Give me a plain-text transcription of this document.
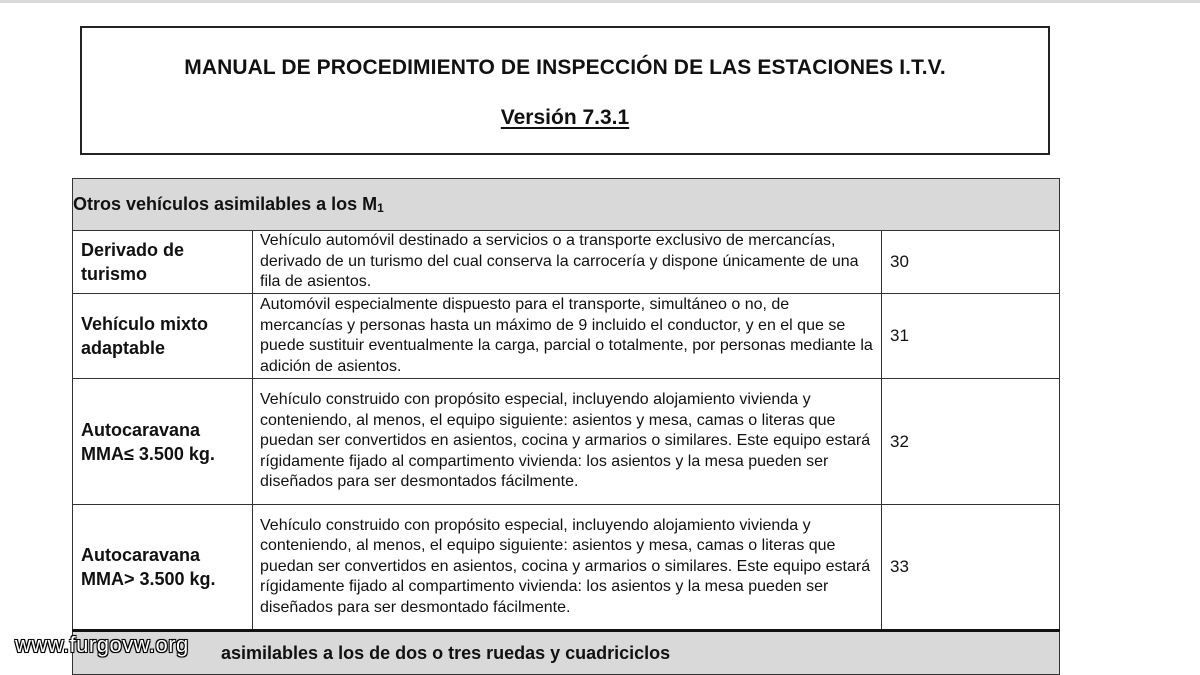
MANUAL DE PROCEDIMIENTO DE INSPECCIÓN DE LAS ESTACIONES I.T.V.
Versión 7.3.1
Otros vehículos asimilables a los M1		
Derivado de turismo	Vehículo automóvil destinado a servicios o a transporte exclusivo de mercancías, derivado de un turismo del cual conserva la carrocería y dispone únicamente de una fila de asientos.	30
Vehículo mixto adaptable	Automóvil especialmente dispuesto para el transporte, simultáneo o no, de mercancías y personas hasta un máximo de 9 incluido el conductor, y en el que se puede sustituir eventualmente la carga, parcial o totalmente, por personas mediante la adición de asientos.	31
Autocaravana MMA≤ 3.500 kg.	Vehículo construido con propósito especial, incluyendo alojamiento vivienda y conteniendo, al menos, el equipo siguiente: asientos y mesa, camas o literas que puedan ser convertidos en asientos, cocina y armarios o similares. Este equipo estará rígidamente fijado al compartimento vivienda: los asientos y la mesa pueden ser diseñados para ser desmontados fácilmente.	32
Autocaravana MMA> 3.500 kg.	Vehículo construido con propósito especial, incluyendo alojamiento vivienda y conteniendo, al menos, el equipo siguiente: asientos y mesa, camas o literas que puedan ser convertidos en asientos, cocina y armarios o similares. Este equipo estará rígidamente fijado al compartimento vivienda: los asientos y la mesa pueden ser diseñados para ser desmontado fácilmente.	33
asimilables a los de dos o tres ruedas y cuadriciclos		
www.furgovw.org
